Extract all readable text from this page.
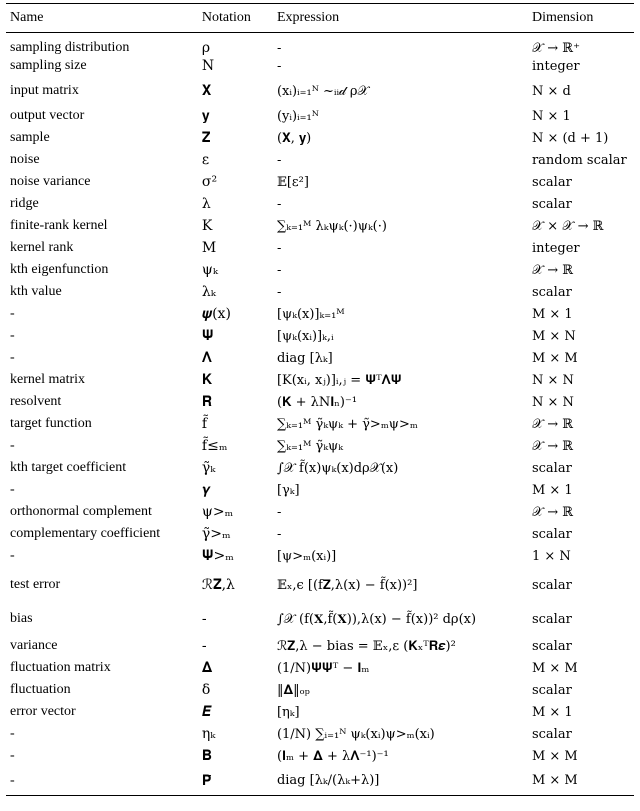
Name	Notation	Expression	Dimension
sampling distribution	ρ	-	𝒳 → ℝ⁺
sampling size	N	-	integer
input matrix	𝐗	(xᵢ)ᵢ₌₁ᴺ ~ᵢᵢ𝒹 ρ𝒳	N × d
output vector	𝐲	(yᵢ)ᵢ₌₁ᴺ	N × 1
sample	𝐙	(𝐗, 𝐲)	N × (d + 1)
noise	ε	-	random scalar
noise variance	σ²	𝔼[ε²]	scalar
ridge	λ	-	scalar
finite-rank kernel	K	∑ₖ₌₁ᴹ λₖψₖ(·)ψₖ(·)	𝒳 × 𝒳 → ℝ
kernel rank	M	-	integer
kth eigenfunction	ψₖ	-	𝒳 → ℝ
kth value	λₖ	-	scalar
-	𝝍(x)	[ψₖ(x)]ₖ₌₁ᴹ	M × 1
-	𝚿	[ψₖ(xᵢ)]ₖ,ᵢ	M × N
-	𝚲	diag [λₖ]	M × M
kernel matrix	𝐊	[K(xᵢ, xⱼ)]ᵢ,ⱼ = 𝚿ᵀ𝚲𝚿	N × N
resolvent	𝐑	(𝐊 + λN𝐈ₙ)⁻¹	N × N
target function	f̃	∑ₖ₌₁ᴹ γ̃ₖψₖ + γ̃>ₘψ>ₘ	𝒳 → ℝ
-	f̃≤ₘ	∑ₖ₌₁ᴹ γ̃ₖψₖ	𝒳 → ℝ
kth target coefficient	γ̃ₖ	∫𝒳 f̃(x)ψₖ(x)dρ𝒳(x)	scalar
-	𝜸	[γₖ]	M × 1
orthonormal complement	ψ>ₘ	-	𝒳 → ℝ
complementary coefficient	γ̃>ₘ	-	scalar
-	𝚿>ₘ	[ψ>ₘ(xᵢ)]	1 × N
test error	ℛ𝐙,λ	𝔼ₓ,ϵ [(f𝐙,λ(x) − f̃(x))²]	scalar
bias	-	∫𝒳 (f(𝐗,f̃(𝐗)),λ(x) − f̃(x))² dρ(x)	scalar
variance	-	ℛ𝐙,λ − bias = 𝔼ₓ,ε (𝐊ₓᵀ𝐑𝜺)²	scalar
fluctuation matrix	𝚫	(1/N)𝚿𝚿ᵀ − 𝐈ₘ	M × M
fluctuation	δ	‖𝚫‖ₒₚ	scalar
error vector	𝑬	[ηₖ]	M × 1
-	ηₖ	(1/N) ∑ᵢ₌₁ᴺ ψₖ(xᵢ)ψ>ₘ(xᵢ)	scalar
-	𝐁	(𝐈ₘ + 𝚫 + λ𝚲⁻¹)⁻¹	M × M
-	𝐏̄	diag [λₖ/(λₖ+λ)]	M × M
